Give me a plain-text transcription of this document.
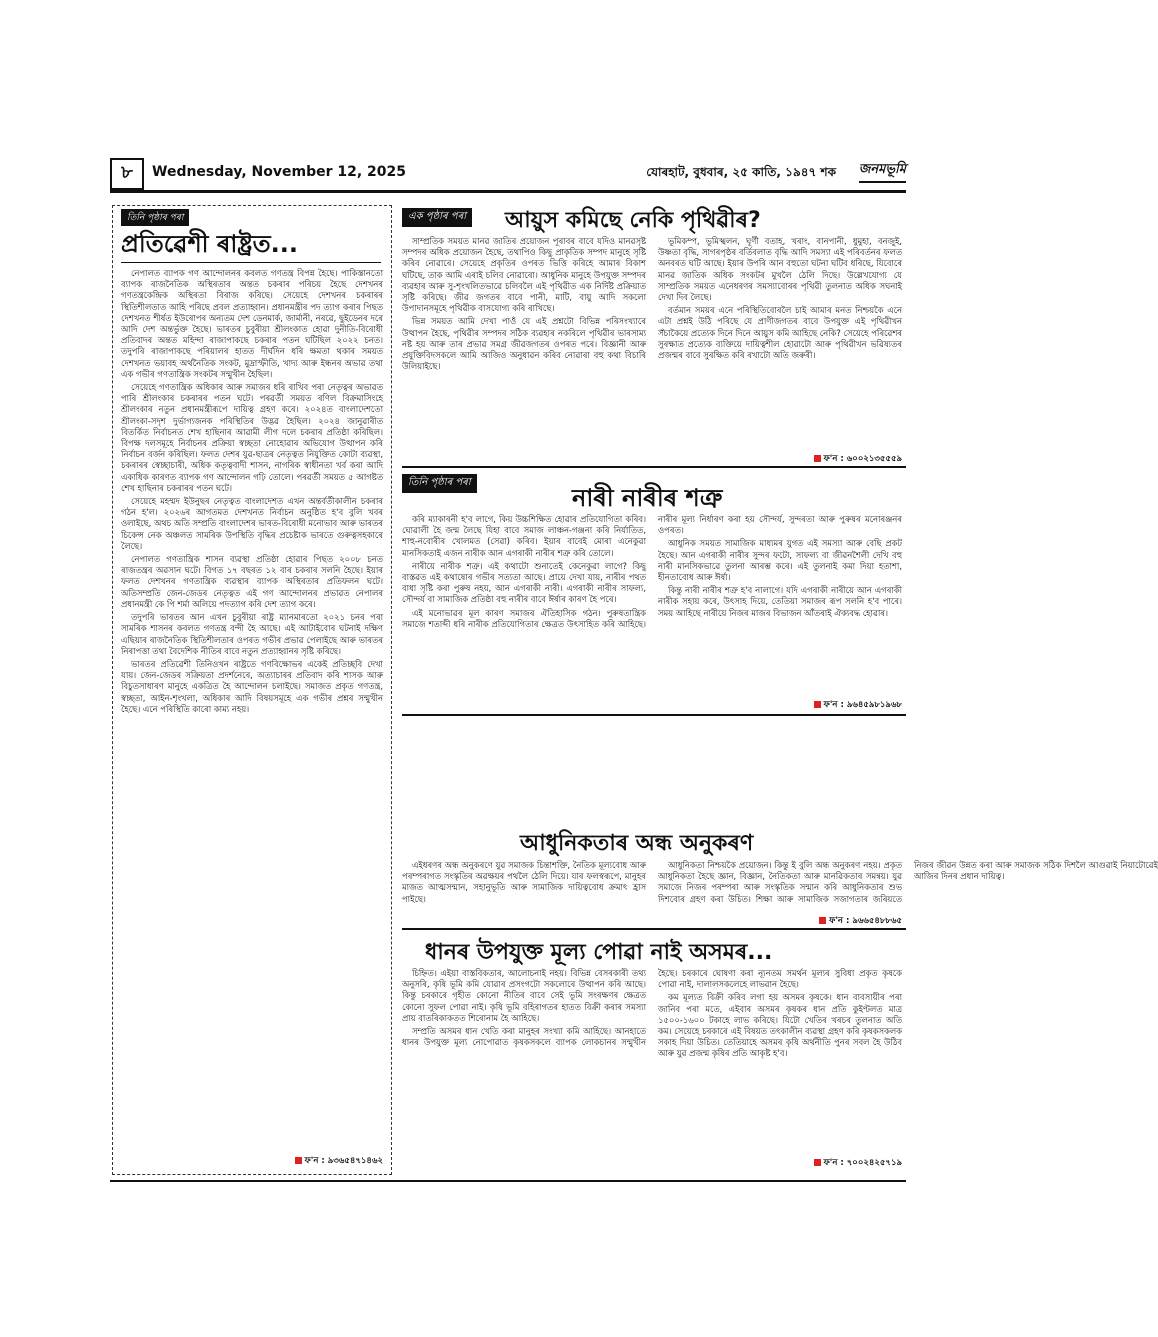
৮	Wednesday, November 12, 2025	যোৰহাট, বুধবাৰ, ২৫ কাতি, ১৯৪৭ শক জনমভূমি
তিনি পৃষ্ঠাৰ পৰা
প্ৰতিৱেশী ৰাষ্ট্ৰত...

নেপালত ব্যাপক গণ আন্দোলনৰ কবলত গণতন্ত্ৰ বিপন্ন হৈছে। পাকিস্তানতো ব্যাপক ৰাজনৈতিক অস্থিৰতাৰ অন্তত চকৰাৰ পৰিচয় হৈছে দেশখনৰ গণতন্ত্ৰকেন্দ্ৰিক অস্থিৰতা বিৰাজ কৰিছে। সেয়েহে দেশখনৰ চকৰাৰৰ স্থিতিশীলতাত আহি পৰিছে প্ৰবল প্ৰত্যাহ্বান। প্ৰধানমন্ত্ৰীৰ পদ ত্যাগ কৰাৰ পিছত দেশখনত শীৰ্ষত ইউৰোপৰ অন্যতম দেশ ডেনমাৰ্ক, জাৰ্মানী, নৰৱে, ছুইডেনৰ দৰে আদি দেশ অন্তৰ্ভুক্ত হৈছে। ভাৰতৰ চুবুৰীয়া শ্ৰীলংকাত হোৱা দুনীতি-বিৰোধী প্ৰতিবাদৰ অন্তত মহিন্দা ৰাজাপাকছে চকৰাৰ পতন ঘটিছিল ২০২২ চনত। তদুপৰি ৰাজাপাকছে পৰিয়ালৰ হাতত দীৰ্ঘদিন ধৰি ক্ষমতা থকাৰ সময়ত দেশখনত ভয়াবহ অৰ্থনৈতিক সংকট, মুদ্ৰাস্ফীতি, খাদ্য আৰু ইন্ধনৰ অভাৱ তথা এক গভীৰ গণতান্ত্ৰিক সংকটৰ সন্মুখীন হৈছিল।

সেয়েহে গণতান্ত্ৰিক অধিকাৰ আৰু সমাজৰ ধৰি ৰাখিব পৰা নেতৃত্বৰ অভাৱত পাৰি শ্ৰীলংকাৰ চকৰাৰৰ পতন ঘটে। পৰৱৰ্তী সময়ত ৰণিল বিক্ৰমাসিংহে শ্ৰীলংকাৰ নতুন প্ৰধানমন্ত্ৰীৰূপে দায়িত্ব গ্ৰহণ কৰে। ২০২৪ত বাংলাদেশতো শ্ৰীলংকা-সদৃশ দুৰ্ভাগ্যজনক পৰিস্থিতিৰ উদ্ভৱ হৈছিল। ২০২৪ জানুৱাৰীত বিতৰ্কিত নিৰ্বাচনত শেখ হাছিনাৰ আৱামী লীগ দলে চকৰাৰ প্ৰতিষ্ঠা কৰিছিল। বিপক্ষ দলসমূহে নিৰ্বাচনৰ প্ৰক্ৰিয়া স্বচ্ছতা নোহোৱাৰ অভিযোগ উত্থাপন কৰি নিৰ্বাচন বৰ্জন কৰিছিল। ফলত দেশৰ যুৱ-ছাত্ৰৰ নেতৃত্বত নিযুক্তিত কোটা ব্যৱস্থা, চকৰাৰৰ স্বেচ্ছাচাৰী, অধিক কতৃত্ববাদী শাসন, নাগৰিক স্বাধীনতা খৰ্ব কৰা আদি একাধিক কাৰণত ব্যাপক গণ আন্দোলন গঢ়ি তোলে। পৰৱৰ্তী সময়ত ৫ আগষ্টত শেখ হাছিনাৰ চকৰাৰৰ পতন ঘটে।

সেয়েহে মহম্মদ ইউনুছৰ নেতৃত্বত বাংলাদেশত এখন অন্তৰ্বৰ্তীকালীন চকৰাৰ গঠন হ'ল। ২০২৬ৰ আগতমত দেশখনত নিৰ্বাচন অনুষ্ঠিত হ'ব বুলি খবৰ ওলাইছে, অথচ অতি সম্প্ৰতি বাংলাদেশৰ ভাৰত-বিৰোধী মনোভাব আৰু ভাৰতৰ চিকেন্স নেক অঞ্চলত সামৰিক উপস্থিতি বৃদ্ধিৰ প্ৰচেষ্টাক ভাৰতে গুৰুত্বসহকাৰে লৈছে।

নেপালত গণতান্ত্ৰিক শাসন ব্যৱস্থা প্ৰতিষ্ঠা হোৱাৰ পিছত ২০০৮ চনত ৰাজতন্ত্ৰৰ অৱসান ঘটে। বিগত ১৭ বছৰত ১২ বাৰ চকৰাৰ সলনি হৈছে। ইয়াৰ ফলত দেশখনৰ গণতান্ত্ৰিক ব্যৱস্থাৰ ব্যাপক অস্থিৰতাৰ প্ৰতিফলন ঘটে। অতিসম্প্ৰতি জেন-জেডৰ নেতৃত্বত এই গণ আন্দোলনৰ প্ৰভাৱত নেপালৰ প্ৰধানমন্ত্ৰী কে পি শৰ্মা অলিয়ে পদত্যাগ কৰি দেশ ত্যাগ কৰে।

তদুপৰি ভাৰতৰ আন এখন চুবুৰীয়া ৰাষ্ট্ৰ ম্যানমাৰতো ২০২১ চনৰ পৰা সামৰিক শাসনৰ কবলত গণতন্ত্ৰ বন্দী হৈ আছে। এই আটাইবোৰ ঘটনাই দক্ষিণ এছিয়াৰ ৰাজনৈতিক স্থিতিশীলতাৰ ওপৰত গভীৰ প্ৰভাৱ পেলাইছে আৰু ভাৰতৰ নিৰাপত্তা তথা বৈদেশিক নীতিৰ বাবে নতুন প্ৰত্যাহ্বানৰ সৃষ্টি কৰিছে।

ভাৰতৰ প্ৰতিৱেশী তিনিওখন ৰাষ্ট্ৰতে গণবিক্ষোভৰ একেই প্ৰতিচ্ছবি দেখা যায়। জেন-জেডৰ সক্ৰিয়তা প্ৰদৰ্শনেৰে, অত্যাচাৰৰ প্ৰতিবাদ কৰি শাসক আৰু বিচুতসাধাৰণ মানুহে একত্ৰিত হৈ আন্দোলন চলাইছে। সমাজত প্ৰকৃত গণতন্ত্ৰ, স্বচ্ছতা, আইন-শৃংখলা, অধিকাৰ আদি বিষয়সমূহে এক গভীৰ প্ৰশ্নৰ সন্মুখীন হৈছে। এনে পৰিস্থিতি কাৰো কাম্য নহয়।

ফ'ন : ৯৩৬৫৪৭১৪৬২
এক পৃষ্ঠাৰ পৰা আয়ুস কমিছে নেকি পৃথিৱীৰ?

সাম্প্ৰতিক সময়ত মানৱ জাতিৰ প্ৰয়োজন পূৰাবৰ বাবে যদিও মানৱসৃষ্ট সম্পদৰ অধিক প্ৰয়োজন হৈছে, তথাপিও কিছু প্ৰাকৃতিক সম্পদ মানুহে সৃষ্টি কৰিব নোৱাৰে। সেয়েহে প্ৰকৃতিৰ ওপৰত ভিত্তি কৰিহে আমাৰ বিকাশ ঘটিছে, তাক আমি এৰাই চলিব নোৱাৰো। আধুনিক মানুহে উপযুক্ত সম্পদৰ ব্যৱহাৰ আৰু সু-শৃংখলিতভাৱে চলিবলৈ এই পৃথিৱীত এক নিৰ্দিষ্ট প্ৰক্ৰিয়াত সৃষ্টি কৰিছে। জীৱ জগতৰ বাবে পানী, মাটি, বায়ু আদি সকলো উপাদানসমূহে পৃথিৱীক বাসযোগ্য কৰি ৰাখিছে।

ভিন্ন সময়ত আমি দেখা পাওঁ যে এই প্ৰশ্নটো বিভিন্ন পৰিসংখ্যাৰে উত্থাপন হৈছে, পৃথিৱীৰ সম্পদৰ সঠিক ব্যৱহাৰ নকৰিলে পৃথিৱীৰ ভাৰসাম্য নষ্ট হয় আৰু তাৰ প্ৰভাৱ সমগ্ৰ জীৱজগতৰ ওপৰত পৰে। বিজ্ঞানী আৰু প্ৰযুক্তিবিদসকলে আমি আজিও অনুধাৱন কৰিব নোৱাৰা বহু কথা বিচাৰি উলিয়াইছে।

ভূমিকম্প, ভূমিস্খলন, ঘূৰ্ণী বতাহ, খৰাং, বানপানী, ধুমুহা, বনজুই, উষ্ণতা বৃদ্ধি, সাগৰপৃষ্ঠৰ বৰ্তিবলাত বৃদ্ধি আদি সমস্যা এই পৰিবৰ্তনৰ ফলত অনবৰত ঘটি আছে। ইয়াৰ উপৰি আন বহুতো ঘটনা ঘটিব ধৰিছে, যিবোৰে মানৱ জাতিক অধিক সংকটৰ মুখলৈ ঠেলি দিছে। উল্লেখযোগ্য যে সাম্প্ৰতিক সময়ত এনেধৰণৰ সমস্যাবোৰৰ পৃথিৱী তুলনাত অধিক সঘনাই দেখা দিব লৈছে।

বৰ্তমান সময়ৰ এনে পৰিস্থিতিবোৰলৈ চাই আমাৰ মনত নিশ্চয়কৈ এনে এটা প্ৰশ্নই উঠি পৰিছে যে প্ৰাণীজগতৰ বাবে উপযুক্ত এই পৃথিৱীখন সঁচাকৈয়ে প্ৰত্যেক দিনে দিনে আয়ুস কমি আহিছে নেকি? সেয়েহে পৰিৱেশৰ সুৰক্ষাত প্ৰত্যেক ব্যক্তিয়ে দায়িত্বশীল হোৱাটো আৰু পৃথিৱীখন ভৱিষ্যতৰ প্ৰজন্মৰ বাবে সুৰক্ষিত কৰি ৰখাটো অতি জৰুৰী।

ফ'ন : ৬০০২১৩৫৫৫৯
তিনি পৃষ্ঠাৰ পৰা
নাৰী নাৰীৰ শত্ৰু

কৰি ম্যাকাৰনী হ'ব লাগে, কিয় উচ্চশিক্ষিত হোৱাৰ প্ৰতিযোগিতা কৰিব। ঘোৱালী হৈ জন্ম লৈছে যিহা বাবে সমাজ লাঞ্চন-গঞ্জনা কৰি নিৰ্যাতিত, শাহু-নবোৰীৰ খোলমত (সেৱা) কৰিব। ইয়াৰ বাবেই মোৰা এনেকুৱা মানসিকতাই এজন নাৰীক আন এগৰাকী নাৰীৰ শত্ৰু কৰি তোলে।

নাৰীয়ে নাৰীক শত্ৰু। এই কথাটো শুনাতেই কেনেকুৱা লাগে? কিছু বাস্তৱত এই কথাষোৰ গভীৰ সত্যতা আছে। প্ৰায়ে দেখা যায়, নাৰীৰ পথত বাধা সৃষ্টি কৰা পুৰুষ নহয়, আন এগৰাকী নাৰী। এগৰাকী নাৰীৰ সাফল্য, সৌন্দৰ্য বা সামাজিক প্ৰতিষ্ঠা বহু নাৰীৰ বাবে ঈৰ্ষাৰ কাৰণ হৈ পৰে।

এই মনোভাৱৰ মূল কাৰণ সমাজৰ ঐতিহাসিক গঠন। পুৰুষতান্ত্ৰিক সমাজে শতাব্দী ধৰি নাৰীক প্ৰতিযোগিতাৰ ক্ষেত্ৰত উৎসাহিত কৰি আহিছে। নাৰীৰ মূল্য নিৰ্ধাৰণ কৰা হয় সৌন্দৰ্য, সুন্দৰতা আৰু পুৰুষৰ মনোৰঞ্জনৰ ওপৰত।

আধুনিক সময়ত সামাজিক মাধ্যমৰ যুগত এই সমস্যা আৰু বেছি প্ৰকট হৈছে। আন এগৰাকী নাৰীৰ সুন্দৰ ফটো, সাফল্য বা জীৱনশৈলী দেখি বহু নাৰী মানসিকভাৱে তুলনা আৰম্ভ কৰে। এই তুলনাই কমা দিয়া হতাশা, হীনতাবোধ আৰু ঈৰ্ষা।

কিন্তু নাৰী নাৰীৰ শত্ৰু হ'ব নালাগে। যদি এগৰাকী নাৰীয়ে আন এগৰাকী নাৰীক সহায় কৰে, উৎসাহ দিয়ে, তেতিয়া সমাজৰ ৰূপ সলনি হ'ব পাৰে। সময় আহিছে নাৰীয়ে নিজৰ মাজৰ বিভাজন আঁতৰাই ঐক্যবদ্ধ হোৱাৰ।

ফ'ন : ৯৬৪৫৯৮১৯৬৮
আধুনিকতাৰ অন্ধ অনুকৰণ

এইধৰণৰ অন্ধ অনুকৰণে যুৱ সমাজক চিন্তাশক্তি, নৈতিক মূল্যবোধ আৰু পৰম্পৰাগত সংস্কৃতিৰ অৱক্ষয়ৰ পথলৈ ঠেলি দিয়ে। যাৰ ফলস্বৰূপে, মানুহৰ মাজত আত্মসন্মান, সহানুভূতি আৰু সামাজিক দায়িত্ববোধ ক্ৰমাৎ হ্ৰাস পাইছে।

আধুনিকতা নিশ্চয়কৈ প্ৰয়োজন। কিন্তু ই বুলি অন্ধ অনুকৰণ নহয়। প্ৰকৃত আধুনিকতা হৈছে জ্ঞান, বিজ্ঞান, নৈতিকতা আৰু মানৱিকতাৰ সমন্বয়। যুৱ সমাজে নিজৰ পৰম্পৰা আৰু সংস্কৃতিক সন্মান কৰি আধুনিকতাৰ শুভ দিশবোৰ গ্ৰহণ কৰা উচিত। শিক্ষা আৰু সামাজিক সজাগতাৰ জৰিয়তে নিজৰ জীৱন উন্নত কৰা আৰু সমাজক সঠিক দিশলৈ আগুৱাই নিয়াটোৱেই আজিৰ দিনৰ প্ৰধান দায়িত্ব।

ফ'ন : ৯৬৬৫৪৮৮৬৫
ধানৰ উপযুক্ত মূল্য পোৱা নাই অসমৰ...

চিহ্নিত। এইয়া বাস্তবিকতাৰ, আলোচনাই নহয়। বিভিন্ন বেসৰকাৰী তথ্য অনুসৰি, কৃষি ভূমি কমি যোৱাৰ প্ৰসংগটো সকলোৰে উত্থাপন কৰি আছে। কিন্তু চৰকাৰে গৃহীত কোনো নীতিৰ বাবে সেই ভূমি সংৰক্ষণৰ ক্ষেত্ৰত কোনো সুফল পোৱা নাই। কৃষি ভূমি বহিৰাগতৰ হাতত বিক্ৰী কৰাৰ সমস্যা প্ৰায় বাতৰিকাকতত শিৰোনাম হৈ আহিছে।

সম্প্ৰতি অসমৰ ধান খেতি কৰা মানুহৰ সংখ্যা কমি আহিছে। আনহাতে ধানৰ উপযুক্ত মূল্য নোপোৱাত কৃষকসকলে ব্যাপক লোকচানৰ সন্মুখীন হৈছে। চৰকাৰে ঘোষণা কৰা ন্যূনতম সমৰ্থন মূল্যৰ সুবিধা প্ৰকৃত কৃষকে পোৱা নাই, দালালসকলেহে লাভৱান হৈছে।

কম মূল্যত বিক্ৰী কৰিব লগা হয় অসমৰ কৃষকে। ধান বাবসায়ীৰ পৰা জানিব পৰা মতে, এইবাৰ অসমৰ কৃষকৰ ধান প্ৰতি কুইণ্টলত মাত্ৰ ১৫০০-১৬০০ টকাহে লাভ কৰিছে। যিটো খেতিৰ খৰচৰ তুলনাত অতি কম। সেয়েহে চৰকাৰে এই বিষয়ত তৎকালীন ব্যৱস্থা গ্ৰহণ কৰি কৃষকসকলক সকাহ দিয়া উচিত। তেতিয়াহে অসমৰ কৃষি অৰ্থনীতি পুনৰ সবল হৈ উঠিব আৰু যুৱ প্ৰজন্ম কৃষিৰ প্ৰতি আকৃষ্ট হ'ব।

ফ'ন : ৭০০২৪২৫৭১৯
